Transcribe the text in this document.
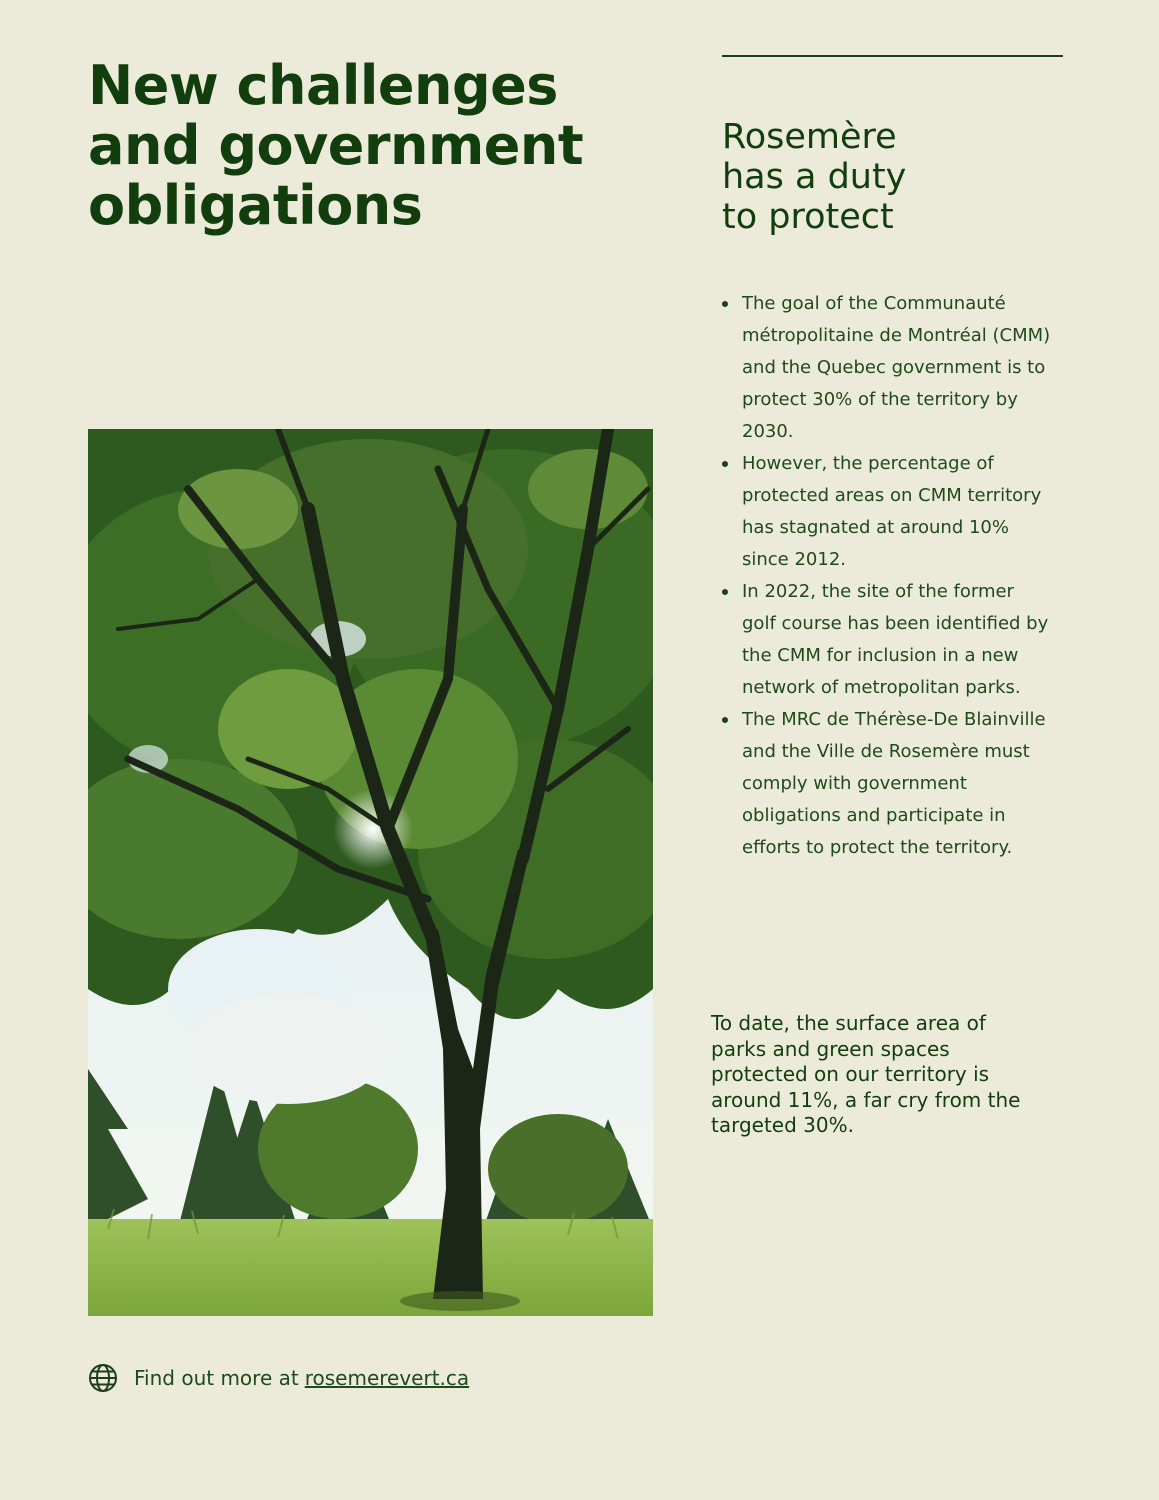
New challenges
and government
obligations
Rosemère
has a duty
to protect
The goal of the Communauté métropolitaine de Montréal (CMM) and the Quebec government is to protect 30% of the territory by 2030.
However, the percentage of protected areas on CMM territory has stagnated at around 10% since 2012.
In 2022, the site of the former golf course has been identified by the CMM for inclusion in a new network of metropolitan parks.
The MRC de Thérèse-De Blainville and the Ville de Rosemère must comply with government obligations and participate in efforts to protect the territory.

To date, the surface area of parks and green spaces protected on our territory is around 11%, a far cry from the targeted 30%.

Find out more at rosemerevert.ca
